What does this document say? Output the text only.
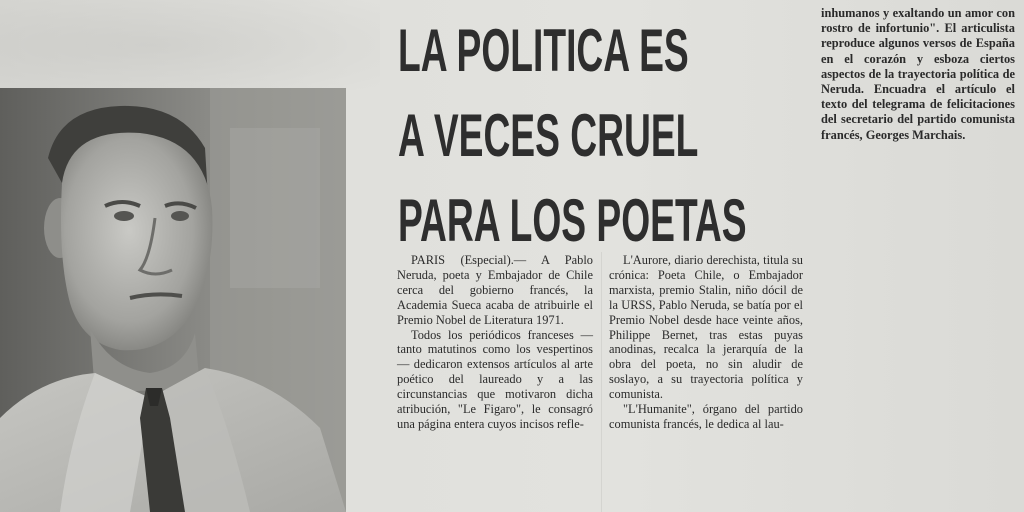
LA POLITICA ES
A VECES CRUEL
PARA LOS POETAS

PARIS (Especial).— A Pablo Neruda, poeta y Embajador de Chile cerca del gobierno francés, la Academia Sueca acaba de atribuirle el Premio Nobel de Literatura 1971.

Todos los periódicos franceses —tanto matutinos como los vespertinos— dedicaron extensos artículos al arte poético del laureado y a las circunstancias que motivaron dicha atribución, "Le Figaro", le consagró una página entera cuyos incisos refle-

L'Aurore, diario derechista, titula su crónica: Poeta Chile, o Embajador marxista, premio Stalin, niño dócil de la URSS, Pablo Neruda, se batía por el Premio Nobel desde hace veinte años, Philippe Bernet, tras estas puyas anodinas, recalca la jerarquía de la obra del poeta, no sin aludir de soslayo, a su trayectoria política y comunista.

"L'Humanite", órgano del partido comunista francés, le dedica al lau-

inhumanos y exaltando un amor con rostro de infortunio". El articulista reproduce algunos versos de España en el corazón y esboza ciertos aspectos de la trayectoria política de Neruda. Encuadra el artículo el texto del telegrama de felicitaciones del secretario del partido comunista francés, Georges Marchais.
